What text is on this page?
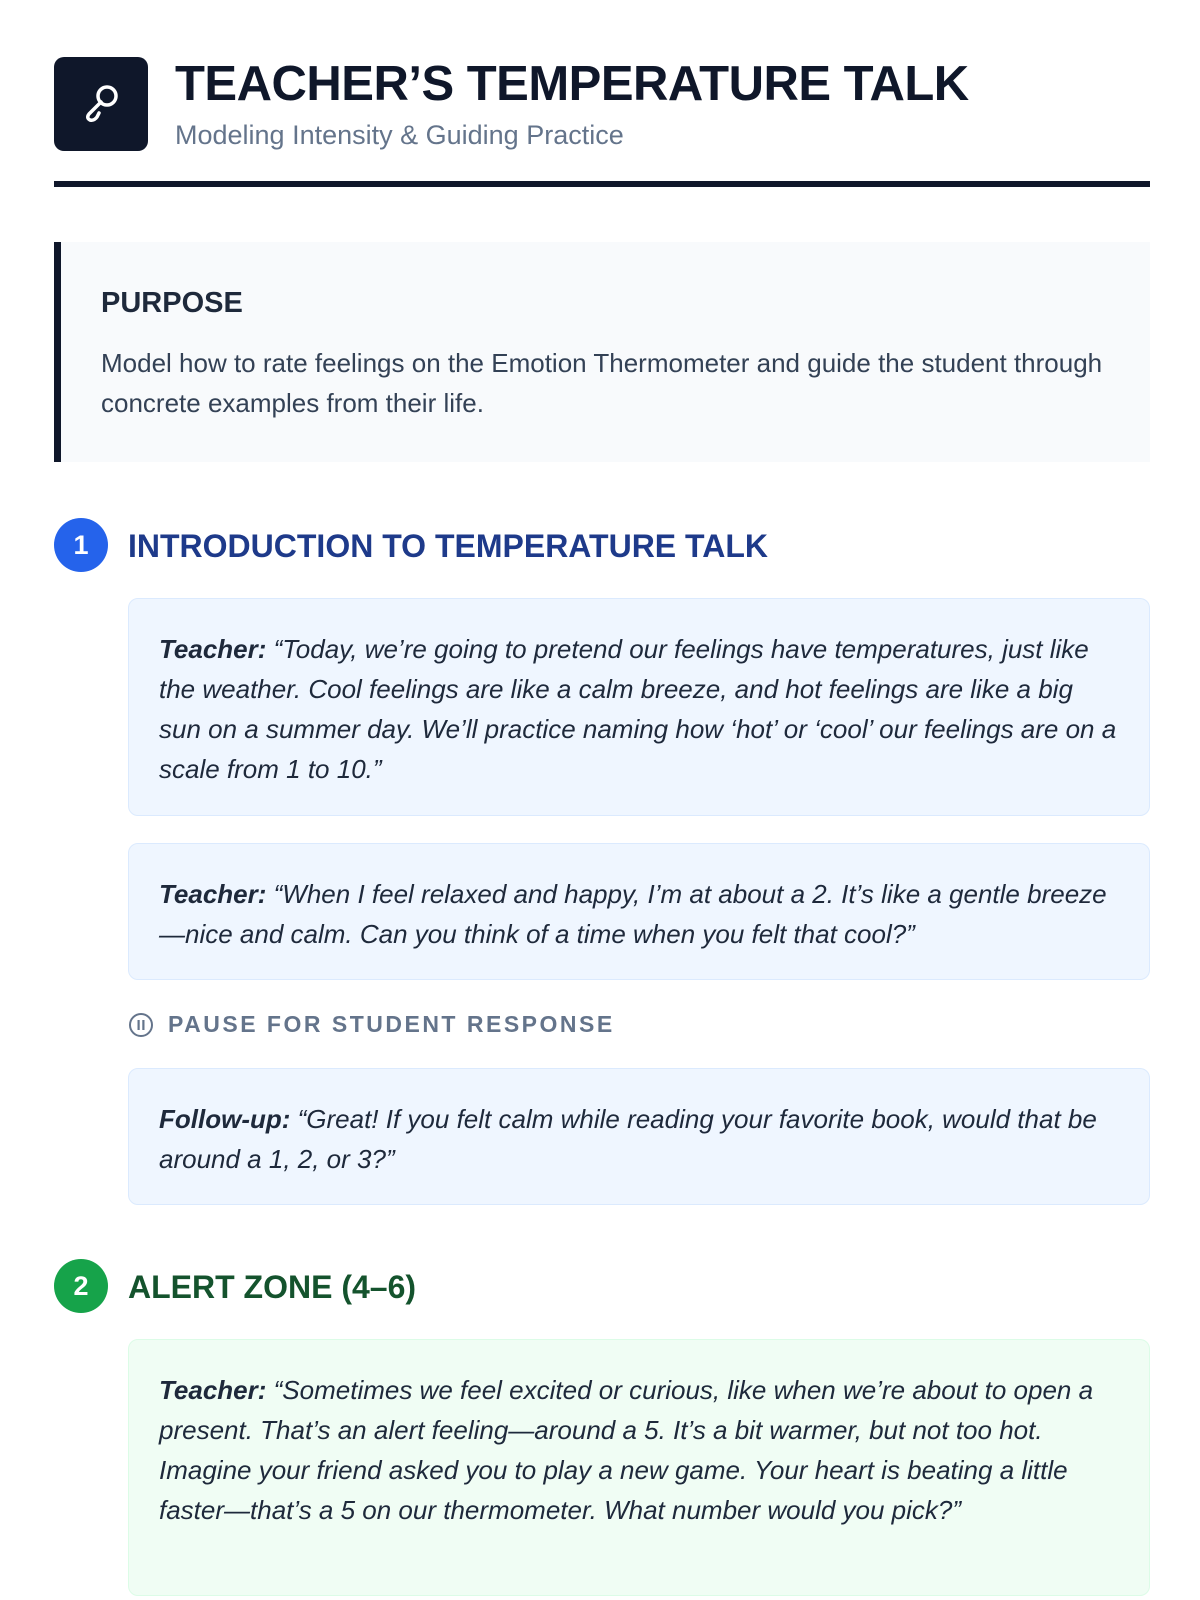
TEACHER’S TEMPERATURE TALK
Modeling Intensity & Guiding Practice
PURPOSE
Model how to rate feelings on the Emotion Thermometer and guide the student through concrete examples from their life.
1	INTRODUCTION TO TEMPERATURE TALK
Teacher: “Today, we’re going to pretend our feelings have temperatures, just like the weather. Cool feelings are like a calm breeze, and hot feelings are like a big sun on a summer day. We’ll practice naming how ‘hot’ or ‘cool’ our feelings are on a scale from 1 to 10.”
Teacher: “When I feel relaxed and happy, I’m at about a 2. It’s like a gentle breeze—nice and calm. Can you think of a time when you felt that cool?”
PAUSE FOR STUDENT RESPONSE
Follow-up: “Great! If you felt calm while reading your favorite book, would that be around a 1, 2, or 3?”
2	ALERT ZONE (4–6)
Teacher: “Sometimes we feel excited or curious, like when we’re about to open a present. That’s an alert feeling—around a 5. It’s a bit warmer, but not too hot. Imagine your friend asked you to play a new game. Your heart is beating a little faster—that’s a 5 on our thermometer. What number would you pick?”
